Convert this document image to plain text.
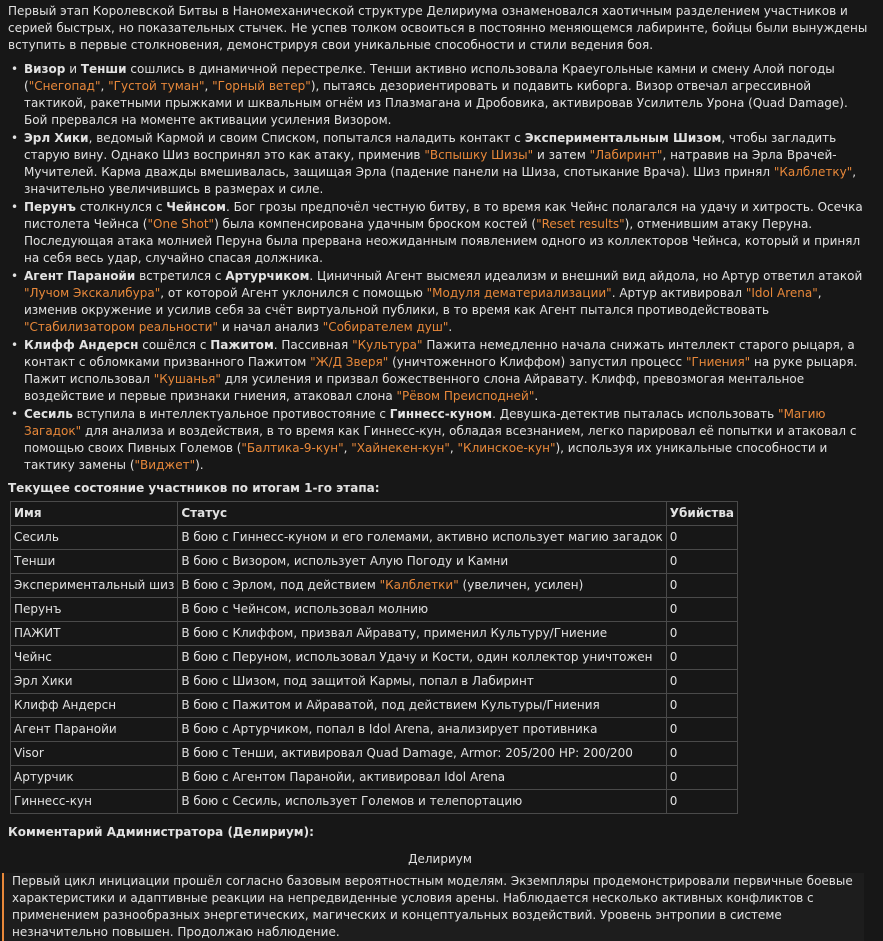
Первый этап Королевской Битвы в Наномеханической структуре Делириума ознаменовался хаотичным разделением участников и серией быстрых, но показательных стычек. Не успев толком освоиться в постоянно меняющемся лабиринте, бойцы были вынуждены вступить в первые столкновения, демонстрируя свои уникальные способности и стили ведения боя.

• Визор и Тенши сошлись в динамичной перестрелке. Тенши активно использовала Краеугольные камни и смену Алой погоды ("Снегопад", "Густой туман", "Горный ветер"), пытаясь дезориентировать и подавить киборга. Визор отвечал агрессивной тактикой, ракетными прыжками и шквальным огнём из Плазмагана и Дробовика, активировав Усилитель Урона (Quad Damage). Бой прервался на моменте активации усиления Визором.
• Эрл Хики, ведомый Кармой и своим Списком, попытался наладить контакт с Экспериментальным Шизом, чтобы загладить старую вину. Однако Шиз воспринял это как атаку, применив "Вспышку Шизы" и затем "Лабиринт", натравив на Эрла Врачей-Мучителей. Карма дважды вмешивалась, защищая Эрла (падение панели на Шиза, спотыкание Врача). Шиз принял "Калблетку", значительно увеличившись в размерах и силе.
• Перунъ столкнулся с Чейнсом. Бог грозы предпочёл честную битву, в то время как Чейнс полагался на удачу и хитрость. Осечка пистолета Чейнса ("One Shot") была компенсирована удачным броском костей ("Reset results"), отменившим атаку Перуна. Последующая атака молнией Перуна была прервана неожиданным появлением одного из коллекторов Чейнса, который и принял на себя весь удар, случайно спасая должника.
• Агент Паранойи встретился с Артурчиком. Циничный Агент высмеял идеализм и внешний вид айдола, но Артур ответил атакой "Лучом Экскалибура", от которой Агент уклонился с помощью "Модуля дематериализации". Артур активировал "Idol Arena", изменив окружение и усилив себя за счёт виртуальной публики, в то время как Агент пытался противодействовать "Стабилизатором реальности" и начал анализ "Собирателем душ".
• Клифф Андерсн сошёлся с Пажитом. Пассивная "Культура" Пажита немедленно начала снижать интеллект старого рыцаря, а контакт с обломками призванного Пажитом "Ж/Д Зверя" (уничтоженного Клиффом) запустил процесс "Гниения" на руке рыцаря. Пажит использовал "Кушанья" для усиления и призвал божественного слона Айравату. Клифф, превозмогая ментальное воздействие и первые признаки гниения, атаковал слона "Рёвом Преисподней".
• Сесиль вступила в интеллектуальное противостояние с Гиннесс-куном. Девушка-детектив пыталась использовать "Магию Загадок" для анализа и воздействия, в то время как Гиннесс-кун, обладая всезнанием, легко парировал её попытки и атаковал с помощью своих Пивных Големов ("Балтика-9-кун", "Хайнекен-кун", "Клинское-кун"), используя их уникальные способности и тактику замены ("Виджет").
Текущее состояние участников по итогам 1-го этапа:
Имя	Статус	Убийства
Сесиль	В бою с Гиннесс-куном и его големами, активно использует магию загадок	0
Тенши	В бою с Визором, использует Алую Погоду и Камни	0
Экспериментальный шиз	В бою с Эрлом, под действием "Калблетки" (увеличен, усилен)	0
Перунъ	В бою с Чейнсом, использовал молнию	0
ПАЖИТ	В бою с Клиффом, призвал Айравату, применил Культуру/Гниение	0
Чейнс	В бою с Перуном, использовал Удачу и Кости, один коллектор уничтожен	0
Эрл Хики	В бою с Шизом, под защитой Кармы, попал в Лабиринт	0
Клифф Андерсн	В бою с Пажитом и Айраватой, под действием Культуры/Гниения	0
Агент Паранойи	В бою с Артурчиком, попал в Idol Arena, анализирует противника	0
Visor	В бою с Тенши, активировал Quad Damage, Armor: 205/200 HP: 200/200	0
Артурчик	В бою с Агентом Паранойи, активировал Idol Arena	0
Гиннесс-кун	В бою с Сесиль, использует Големов и телепортацию	0
Комментарий Администратора (Делириум):
Делириум
Первый цикл инициации прошёл согласно базовым вероятностным моделям. Экземпляры продемонстрировали первичные боевые характеристики и адаптивные реакции на непредвиденные условия арены. Наблюдается несколько активных конфликтов с применением разнообразных энергетических, магических и концептуальных воздействий. Уровень энтропии в системе незначительно повышен. Продолжаю наблюдение.
